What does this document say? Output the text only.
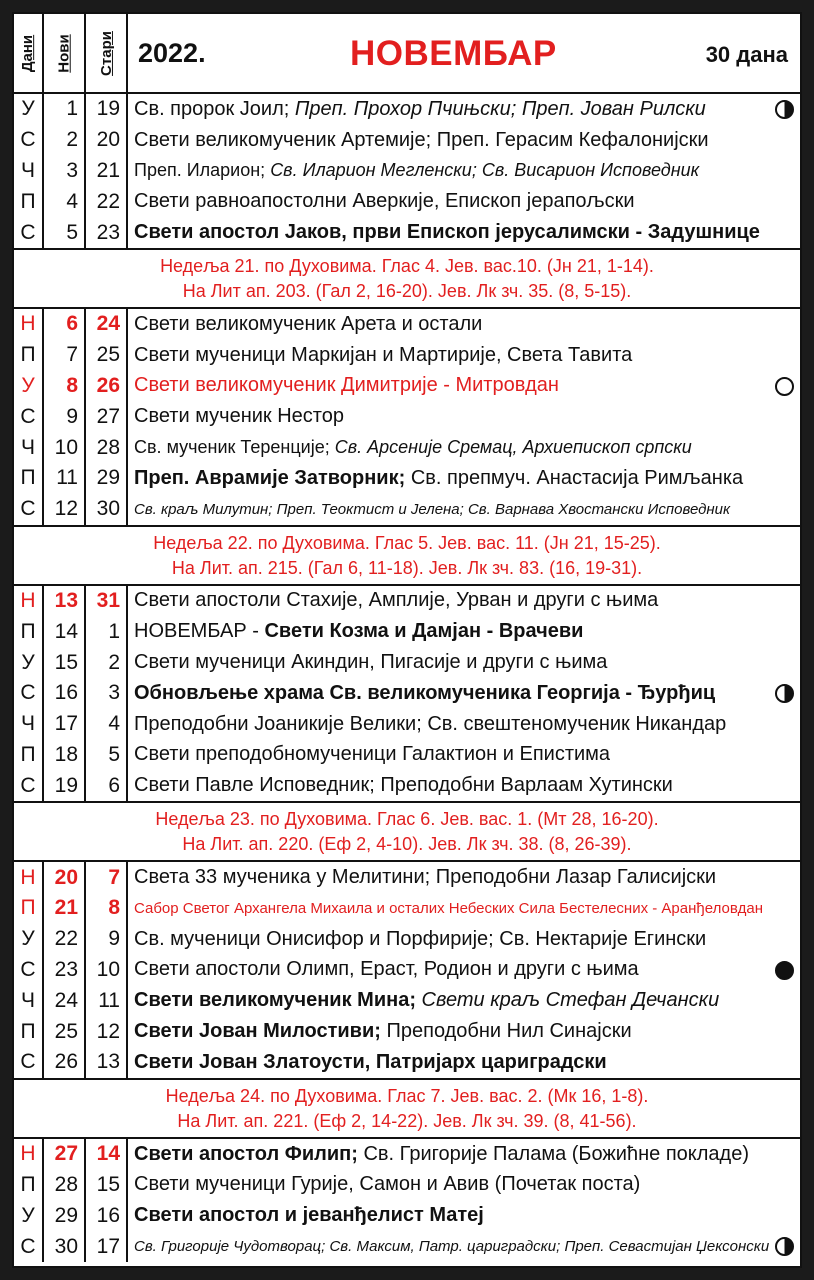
Дани Нови Стари 2022.	НОВЕМБАР	30 дана
У	1 19 Св. пророк Јоил; Преп. Прохор Пчињски; Преп. Јован Рилски
С	2 20 Свети великомученик Артемије; Преп. Герасим Кефалонијски
Ч	3 21 Преп. Иларион; Св. Иларион Мегленски; Св. Висарион Исповедник
П	4 22 Свети равноапостолни Аверкије, Епископ јерапољски
С	5 23 Свети апостол Јаков, први Епископ јерусалимски - Задушнице
Недеља 21. по Духовима. Глас 4. Јев. вас.10. (Јн 21, 1-14).
На Лит ап. 203. (Гал 2, 16-20). Јев. Лк зч. 35. (8, 5-15).
Н	6 24 Свети великомученик Арета и остали
П	7 25 Свети мученици Маркијан и Мартирије, Света Тавита
У	8 26 Свети великомученик Димитрије - Митровдан
С	9 27 Свети мученик Нестор
Ч 10 28 Св. мученик Теренције; Св. Арсеније Сремац, Архиепископ српски
П 11 29 Преп. Аврамије Затворник; Св. препмуч. Анастасија Римљанка
С 12 30 Св. краљ Милутин; Преп. Теоктист и Јелена; Св. Варнава Хвостански Исповедник
Недеља 22. по Духовима. Глас 5. Јев. вас. 11. (Јн 21, 15-25).
На Лит. ап. 215. (Гал 6, 11-18). Јев. Лк зч. 83. (16, 19-31).
Н 13 31 Свети апостоли Стахије, Амплије, Урван и други с њима
П 14	1 НОВЕМБАР - Свети Козма и Дамјан - Врачеви
У 15	2 Свети мученици Акиндин, Пигасије и други с њима
С 16	3 Обновљење храма Св. великомученика Георгија - Ђурђиц
Ч 17	4 Преподобни Јоаникије Велики; Св. свештеномученик Никандар
П 18	5 Свети преподобномученици Галактион и Епистима
С 19	6 Свети Павле Исповедник; Преподобни Варлаам Хутински
Недеља 23. по Духовима. Глас 6. Јев. вас. 1. (Мт 28, 16-20).
На Лит. ап. 220. (Еф 2, 4-10). Јев. Лк зч. 38. (8, 26-39).
Н 20	7 Света 33 мученика у Мелитини; Преподобни Лазар Галисијски
П 21	8 Сабор Светог Архангела Михаила и осталих Небеских Сила Бестелесних - Аранђеловдан
У 22	9 Св. мученици Онисифор и Порфирије; Св. Нектарије Егински
С 23 10 Свети апостоли Олимп, Ераст, Родион и други с њима
Ч 24 11 Свети великомученик Мина; Свети краљ Стефан Дечански
П 25 12 Свети Јован Милостиви; Преподобни Нил Синајски
С 26 13 Свети Јован Златоусти, Патријарх цариградски
Недеља 24. по Духовима. Глас 7. Јев. вас. 2. (Мк 16, 1-8).
На Лит. ап. 221. (Еф 2, 14-22). Јев. Лк зч. 39. (8, 41-56).
Н 27 14 Свети апостол Филип; Св. Григорије Палама (Божићне покладе)
П 28 15 Свети мученици Гурије, Самон и Авив (Почетак поста)
У 29 16 Свети апостол и јеванђелист Матеј
С 30 17 Св. Григорије Чудотворац; Св. Максим, Патр. цариградски; Преп. Севастијан Џексонски
